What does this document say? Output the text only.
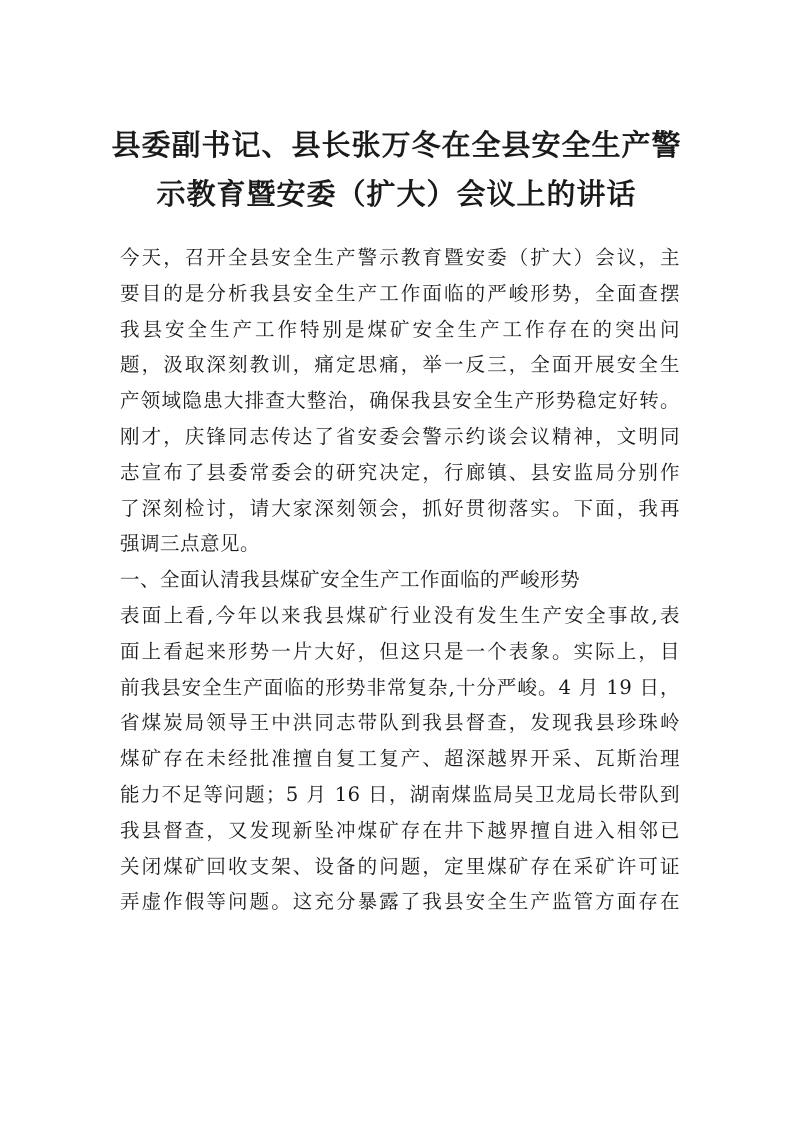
县委副书记、县长张万冬在全县安全生产警
示教育暨安委（扩大）会议上的讲话
今天，召开全县安全生产警示教育暨安委（扩大）会议，主
要目的是分析我县安全生产工作面临的严峻形势，全面查摆
我县安全生产工作特别是煤矿安全生产工作存在的突出问
题，汲取深刻教训，痛定思痛，举一反三，全面开展安全生
产领域隐患大排查大整治，确保我县安全生产形势稳定好转。
刚才，庆锋同志传达了省安委会警示约谈会议精神，文明同
志宣布了县委常委会的研究决定，行廊镇、县安监局分别作
了深刻检讨，请大家深刻领会，抓好贯彻落实。下面，我再
强调三点意见。
一、全面认清我县煤矿安全生产工作面临的严峻形势
表面上看,今年以来我县煤矿行业没有发生生产安全事故,表
面上看起来形势一片大好，但这只是一个表象。实际上，目
前我县安全生产面临的形势非常复杂,十分严峻。4 月 19 日，
省煤炭局领导王中洪同志带队到我县督查，发现我县珍珠岭
煤矿存在未经批准擅自复工复产、超深越界开采、瓦斯治理
能力不足等问题；5 月 16 日，湖南煤监局吴卫龙局长带队到
我县督查，又发现新坠冲煤矿存在井下越界擅自进入相邻已
关闭煤矿回收支架、设备的问题，定里煤矿存在采矿许可证
弄虚作假等问题。这充分暴露了我县安全生产监管方面存在
